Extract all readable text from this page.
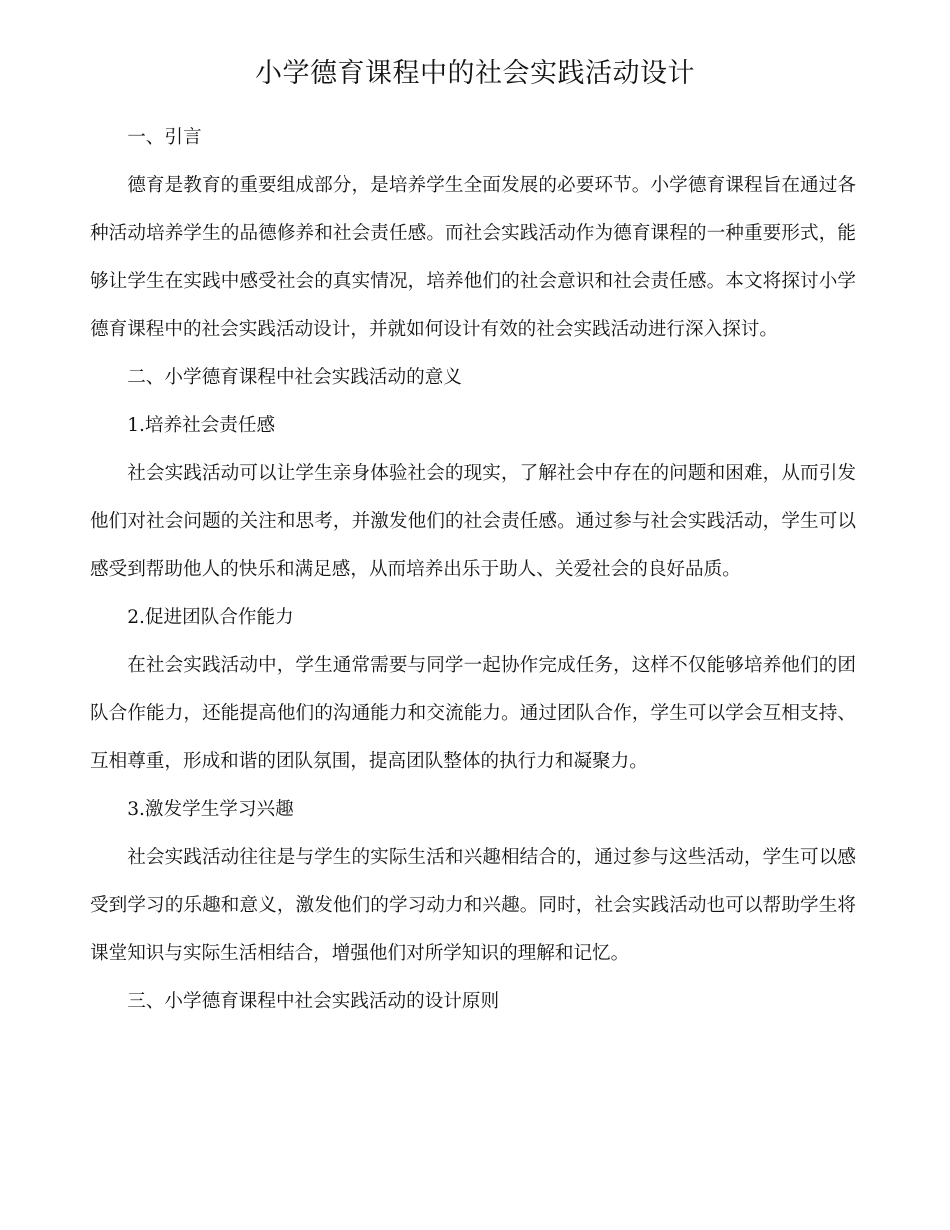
小学德育课程中的社会实践活动设计

一、引言

德育是教育的重要组成部分，是培养学生全面发展的必要环节。小学德育课程旨在通过各种活动培养学生的品德修养和社会责任感。而社会实践活动作为德育课程的一种重要形式，能够让学生在实践中感受社会的真实情况，培养他们的社会意识和社会责任感。本文将探讨小学德育课程中的社会实践活动设计，并就如何设计有效的社会实践活动进行深入探讨。

二、小学德育课程中社会实践活动的意义

1.培养社会责任感

社会实践活动可以让学生亲身体验社会的现实，了解社会中存在的问题和困难，从而引发他们对社会问题的关注和思考，并激发他们的社会责任感。通过参与社会实践活动，学生可以感受到帮助他人的快乐和满足感，从而培养出乐于助人、关爱社会的良好品质。

2.促进团队合作能力

在社会实践活动中，学生通常需要与同学一起协作完成任务，这样不仅能够培养他们的团队合作能力，还能提高他们的沟通能力和交流能力。通过团队合作，学生可以学会互相支持、互相尊重，形成和谐的团队氛围，提高团队整体的执行力和凝聚力。

3.激发学生学习兴趣

社会实践活动往往是与学生的实际生活和兴趣相结合的，通过参与这些活动，学生可以感受到学习的乐趣和意义，激发他们的学习动力和兴趣。同时，社会实践活动也可以帮助学生将课堂知识与实际生活相结合，增强他们对所学知识的理解和记忆。

三、小学德育课程中社会实践活动的设计原则
